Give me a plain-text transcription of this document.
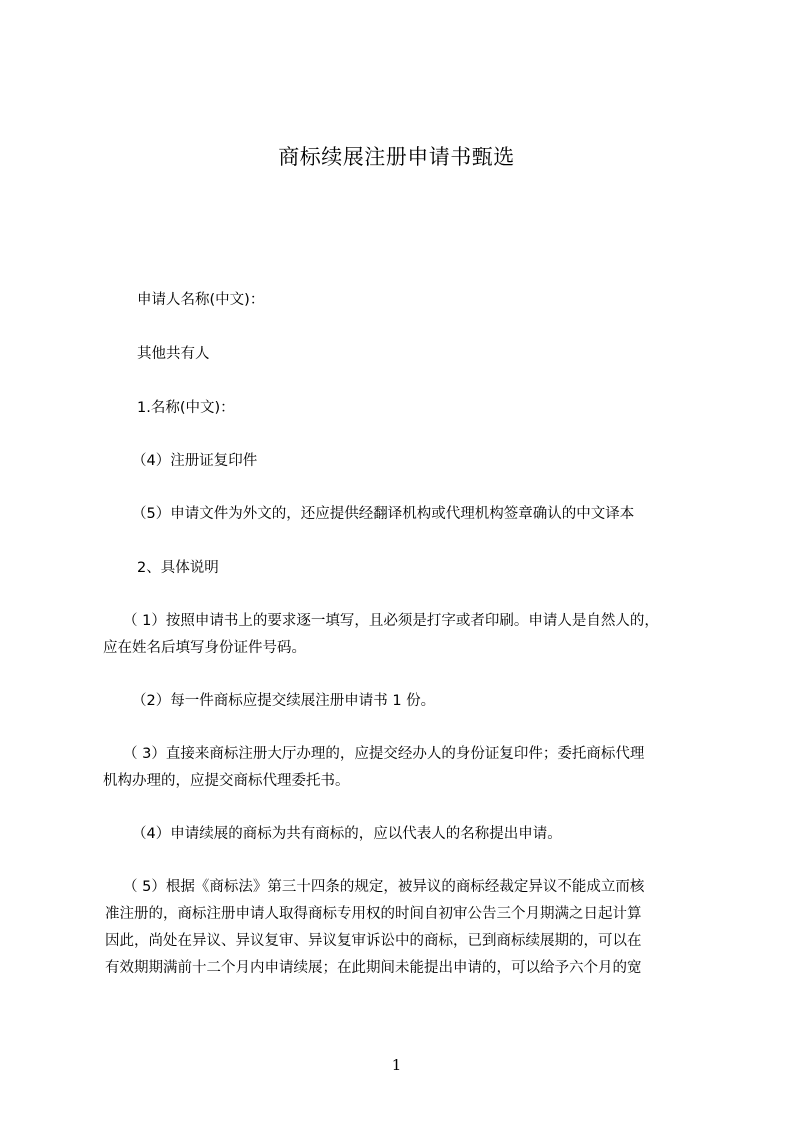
商标续展注册申请书甄选
申请人名称(中文)：
其他共有人
1.名称(中文)：
（4）注册证复印件
（5）申请文件为外文的，还应提供经翻译机构或代理机构签章确认的中文译本
2、具体说明
（ 1）按照申请书上的要求逐一填写，且必须是打字或者印刷。申请人是自然人的，
应在姓名后填写身份证件号码。
（2）每一件商标应提交续展注册申请书 1 份。
（ 3）直接来商标注册大厅办理的，应提交经办人的身份证复印件；委托商标代理
机构办理的，应提交商标代理委托书。
（4）申请续展的商标为共有商标的，应以代表人的名称提出申请。
（ 5）根据《商标法》第三十四条的规定，被异议的商标经裁定异议不能成立而核
准注册的，商标注册申请人取得商标专用权的时间自初审公告三个月期满之日起计算
因此，尚处在异议、异议复审、异议复审诉讼中的商标，已到商标续展期的，可以在
有效期期满前十二个月内申请续展；在此期间未能提出申请的，可以给予六个月的宽
1
